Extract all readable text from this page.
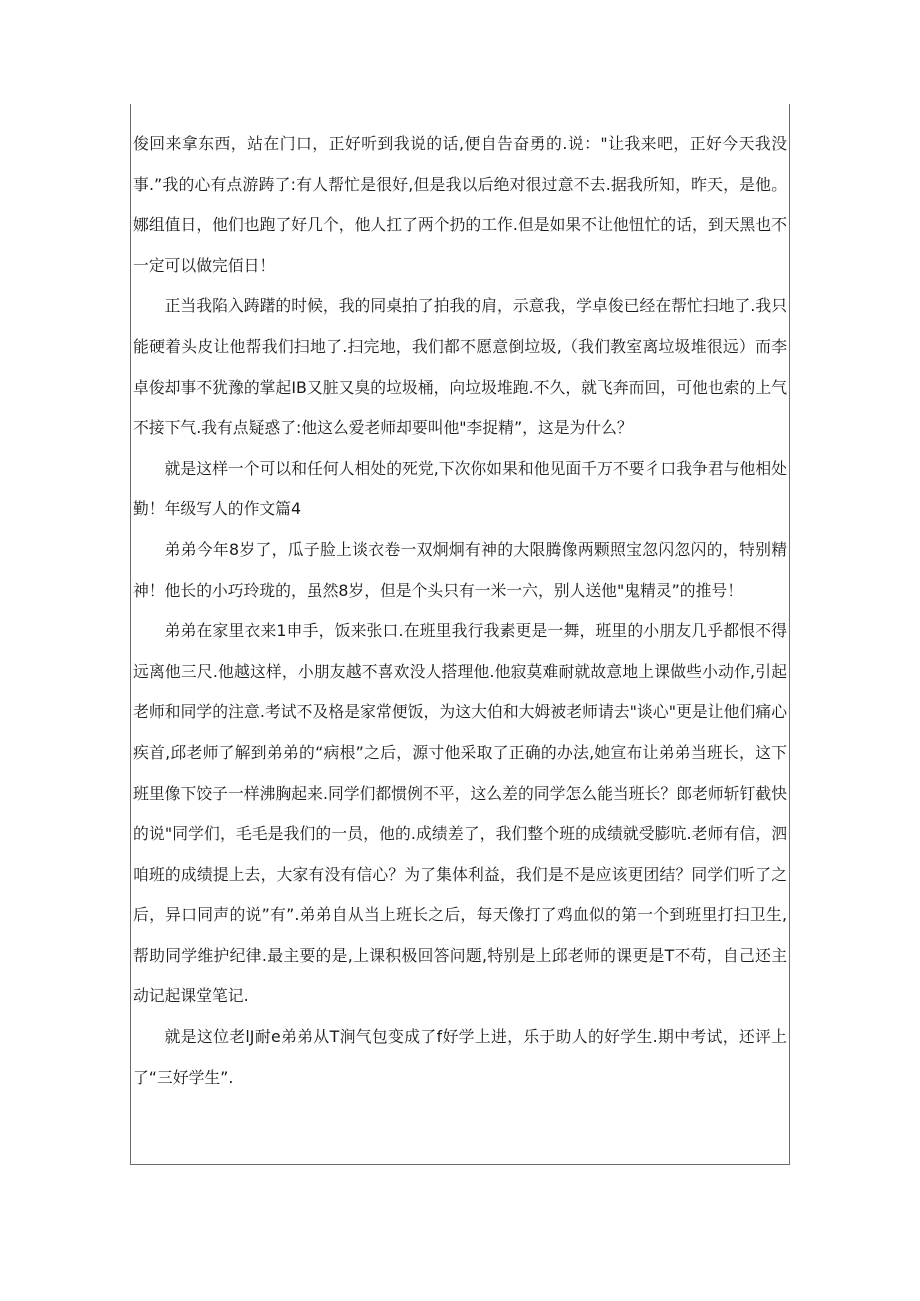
俊回来拿东西，站在门口，正好听到我说的话,便自告奋勇的.说："让我来吧，正好今天我没事.”我的心有点游踌了:有人帮忙是很好,但是我以后绝对很过意不去.据我所知，昨天，是他。娜组值日，他们也跑了好几个，他人扛了两个扔的工作.但是如果不让他忸忙的话，到天黑也不一定可以做完佰日！

正当我陷入踌躇的时候，我的同桌拍了拍我的肩，示意我，学卓俊已经在帮忙扫地了.我只能硬着头皮让他帮我们扫地了.扫完地，我们都不愿意倒垃圾,（我们教室离垃圾堆很远）而李卓俊却事不犹豫的掌起IB又脏又臭的垃圾桶，向垃圾堆跑.不久，就飞奔而回，可他也索的上气不接下气.我有点疑惑了:他这么爱老师却要叫他"李捉精”，这是为什么？

就是这样一个可以和任何人相处的死党,下次你如果和他见面千万不要彳口我争君与他相处勤！年级写人的作文篇4

弟弟今年8岁了，瓜子脸上谈衣卷一双炯炯有神的大限腾像两颗照宝忽闪忽闪的，特别精神！他长的小巧玲珑的，虽然8岁，但是个头只有一米一六，别人送他"鬼精灵”的推号！

弟弟在家里衣来1申手，饭来张口.在班里我行我素更是一舞，班里的小朋友几乎都恨不得远离他三尺.他越这样，小朋友越不喜欢没人搭理他.他寂莫难耐就故意地上课做些小动作,引起老师和同学的注意.考试不及格是家常便饭，为这大伯和大姆被老师请去"谈心"更是让他们痛心疾首,邱老师了解到弟弟的“病根”之后，源寸他采取了正确的办法,她宣布让弟弟当班长，这下班里像下饺子一样沸胸起来.同学们都惯例不平，这么差的同学怎么能当班长？郎老师斩钉截快的说"同学们，毛毛是我们的一员，他的.成绩差了，我们整个班的成绩就受膨吭.老师有信，泗咱班的成绩提上去，大家有没有信心？为了集体利益，我们是不是应该更团结？同学们听了之后，异口同声的说”有”.弟弟自从当上班长之后，每天像打了鸡血似的第一个到班里打扫卫生,帮助同学维护纪律.最主要的是,上课积极回答问题,特别是上邱老师的课更是T不苟，自己还主动记起课堂笔记.

就是这位老lJ耐e弟弟从T涧气包变成了f好学上进，乐于助人的好学生.期中考试，还评上了“三好学生”.
